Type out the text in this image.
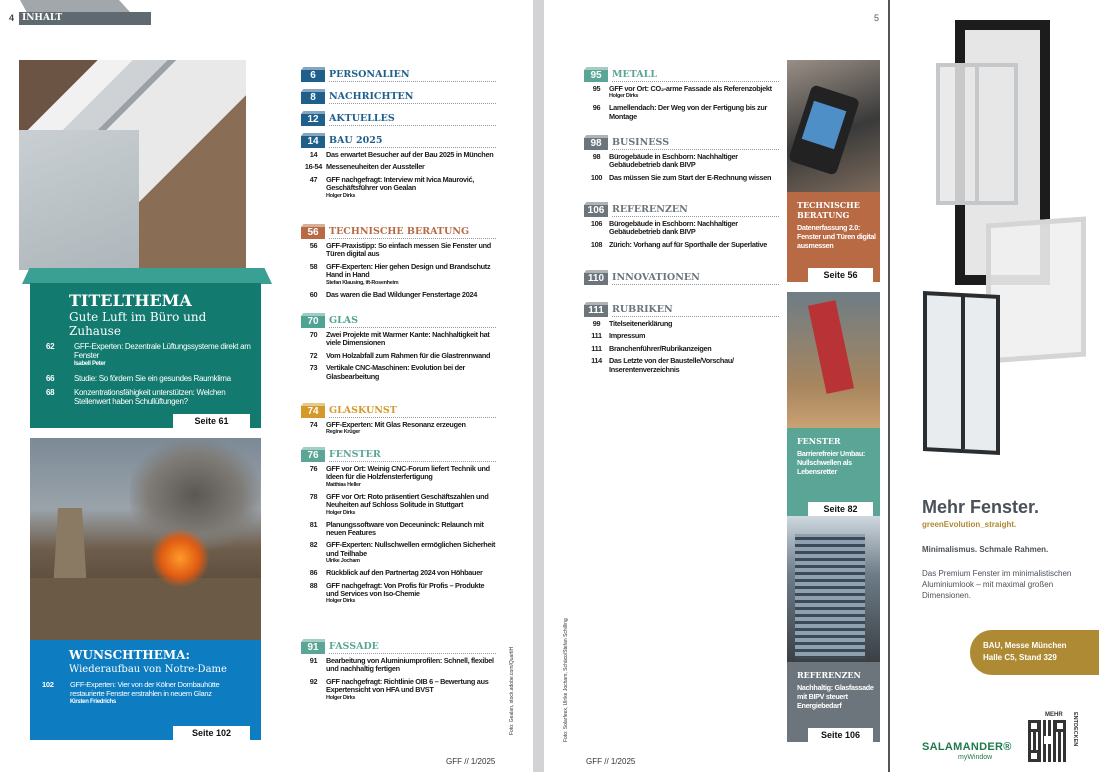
4 INHALT
TITELTHEMA
Gute Luft im Büro und Zuhause
62	GFF-Experten: Dezentrale Lüftungssysteme direkt am Fenster
Isabell Peter
66	Studie: So fördern Sie ein gesundes Raumklima
68	Konzentrationsfähigkeit unterstützen: Welchen Stellenwert haben Schullüftungen?
Seite 61
WUNSCHTHEMA:
Wiederaufbau von Notre-Dame
102	GFF-Experten: Vier von der Kölner Dombauhütte restaurierte Fenster erstrahlen in neuem Glanz
Kirsten Friedrichs
Seite 102
6	PERSONALIEN
8	NACHRICHTEN
12	AKTUELLES
14	BAU 2025
14	Das erwartet Besucher auf der Bau 2025 in München
16-54 Messeneuheiten der Aussteller
47	GFF nachgefragt: Interview mit Ivica Maurović, Geschäftsführer von Gealan
Holger Dirks
56	TECHNISCHE BERATUNG
56	GFF-Praxistipp: So einfach messen Sie Fenster und Türen digital aus
58	GFF-Experten: Hier gehen Design und Brandschutz Hand in Hand
Stefan Klausing, ift-Rosenheim
60	Das waren die Bad Wildunger Fenstertage 2024
70	GLAS
70	Zwei Projekte mit Warmer Kante: Nachhaltigkeit hat viele Dimensionen
72	Vom Holzabfall zum Rahmen für die Glastrennwand
73	Vertikale CNC-Maschinen: Evolution bei der Glasbearbeitung
74	GLASKUNST
74	GFF-Experten: Mit Glas Resonanz erzeugen
Regine Krüger
76	FENSTER
76	GFF vor Ort: Weinig CNC-Forum liefert Technik und Ideen für die Holzfensterfertigung
Matthias Heller
78	GFF vor Ort: Roto präsentiert Geschäftszahlen und Neuheiten auf Schloss Solitude in Stuttgart
Holger Dirks
81	Planungssoftware von Deceuninck: Relaunch mit neuen Features
82	GFF-Experten: Nullschwellen ermöglichen Sicherheit und Teilhabe
Ulrike Jocham
86	Rückblick auf den Partnertag 2024 von Höhbauer
88	GFF nachgefragt: Von Profis für Profis – Produkte und Services von Iso-Chemie
Holger Dirks
91	FASSADE
91	Bearbeitung von Aluminiumprofilen: Schnell, flexibel und nachhaltig fertigen
92	GFF nachgefragt: Richtlinie OIB 6 – Bewertung aus Expertensicht von HFA und BVST
Holger Dirks	Foto: Gealan, stock.adobe.com/QuartiH
GFF // 1/2025
5
95	METALL
95	GFF vor Ort: CO₂-arme Fassade als Referenzobjekt
Holger Dirks
96	Lamellendach: Der Weg von der Fertigung bis zur Montage
98	BUSINESS
98	Bürogebäude in Eschborn: Nachhaltiger Gebäudebetrieb dank BIVP
100 Das müssen Sie zum Start der E-Rechnung wissen
106 REFERENZEN
106 Bürogebäude in Eschborn: Nachhaltiger Gebäudebetrieb dank BIVP
108 Zürich: Vorhang auf für Sporthalle der Superlative
110 INNOVATIONEN
111 RUBRIKEN
99	Titelseitenerklärung
111 Impressum
111 Branchenführer/Rubrikanzeigen
114 Das Letzte von der Baustelle/Vorschau/ Inserentenverzeichnis
TECHNISCHE BERATUNG
Datenerfassung 2.0: Fenster und Türen digital ausmessen
Seite 56
FENSTER
Barrierefreier Umbau: Nullschwellen als Lebensretter
Seite 82
REFERENZEN
Nachhaltig: Glasfassade mit BIPV steuert Energiebedarf
Seite 106
Foto: Solarfeex, Ulrike Jocham, Schüco/Stefan Schilling
GFF // 1/2025
Mehr Fenster.
greenEvolution_straight.
Minimalismus. Schmale Rahmen.
Das Premium Fenster im minimalistischen Aluminiumlook – mit maximal großen Dimensionen.
BAU, Messe München
Halle C5, Stand 329
SALAMANDER®
myWindow
MEHR ENTDECKEN
